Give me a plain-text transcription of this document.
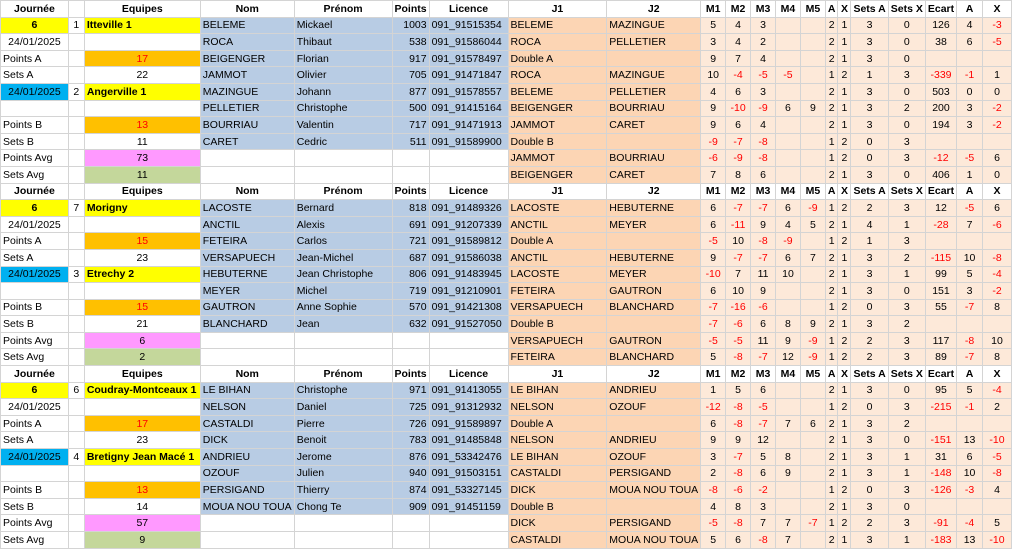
Journée		Equipes	Nom	Prénom	Points	Licence	J1	J2	M1	M2	M3	M4	M5	A	X	Sets A	Sets X	Ecart	A	X
6	1	Itteville 1	BELEME	Mickael	1003	091_91515354	BELEME	MAZINGUE	5	4	3			2	1	3	0	126	4	-3
24/01/2025			ROCA	Thibaut	538	091_91586044	ROCA	PELLETIER	3	4	2			2	1	3	0	38	6	-5
Points A		17	BEIGENGER	Florian	917	091_91578497	Double A		9	7	4			2	1	3	0			
Sets A		22	JAMMOT	Olivier	705	091_91471847	ROCA	MAZINGUE	10	-4	-5	-5		1	2	1	3	-339	-1	1
24/01/2025	2	Angerville 1	MAZINGUE	Johann	877	091_91578557	BELEME	PELLETIER	4	6	3			2	1	3	0	503	0	0
			PELLETIER	Christophe	500	091_91415164	BEIGENGER	BOURRIAU	9	-10	-9	6	9	2	1	3	2	200	3	-2
Points B		13	BOURRIAU	Valentin	717	091_91471913	JAMMOT	CARET	9	6	4			2	1	3	0	194	3	-2
Sets B		11	CARET	Cedric	511	091_91589900	Double B		-9	-7	-8			1	2	0	3			
Points Avg		73					JAMMOT	BOURRIAU	-6	-9	-8			1	2	0	3	-12	-5	6
Sets Avg		11					BEIGENGER	CARET	7	8	6			2	1	3	0	406	1	0
Journée		Equipes	Nom	Prénom	Points	Licence	J1	J2	M1	M2	M3	M4	M5	A	X	Sets A	Sets X	Ecart	A	X
6	7	Morigny	LACOSTE	Bernard	818	091_91489326	LACOSTE	HEBUTERNE	6	-7	-7	6	-9	1	2	2	3	12	-5	6
24/01/2025			ANCTIL	Alexis	691	091_91207339	ANCTIL	MEYER	6	-11	9	4	5	2	1	4	1	-28	7	-6
Points A		15	FETEIRA	Carlos	721	091_91589812	Double A		-5	10	-8	-9		1	2	1	3			
Sets A		23	VERSAPUECH	Jean-Michel	687	091_91586038	ANCTIL	HEBUTERNE	9	-7	-7	6	7	2	1	3	2	-115	10	-8
24/01/2025	3	Etrechy 2	HEBUTERNE	Jean Christophe	806	091_91483945	LACOSTE	MEYER	-10	7	11	10		2	1	3	1	99	5	-4
			MEYER	Michel	719	091_91210901	FETEIRA	GAUTRON	6	10	9			2	1	3	0	151	3	-2
Points B		15	GAUTRON	Anne Sophie	570	091_91421308	VERSAPUECH	BLANCHARD	-7	-16	-6			1	2	0	3	55	-7	8
Sets B		21	BLANCHARD	Jean	632	091_91527050	Double B		-7	-6	6	8	9	2	1	3	2			
Points Avg		6					VERSAPUECH	GAUTRON	-5	-5	11	9	-9	1	2	2	3	117	-8	10
Sets Avg		2					FETEIRA	BLANCHARD	5	-8	-7	12	-9	1	2	2	3	89	-7	8
Journée		Equipes	Nom	Prénom	Points	Licence	J1	J2	M1	M2	M3	M4	M5	A	X	Sets A	Sets X	Ecart	A	X
6	6	Coudray-Montceaux 1	LE BIHAN	Christophe	971	091_91413055	LE BIHAN	ANDRIEU	1	5	6			2	1	3	0	95	5	-4
24/01/2025			NELSON	Daniel	725	091_91312932	NELSON	OZOUF	-12	-8	-5			1	2	0	3	-215	-1	2
Points A		17	CASTALDI	Pierre	726	091_91589897	Double A		6	-8	-7	7	6	2	1	3	2			
Sets A		23	DICK	Benoit	783	091_91485848	NELSON	ANDRIEU	9	9	12			2	1	3	0	-151	13	-10
24/01/2025	4	Bretigny Jean Macé 1	ANDRIEU	Jerome	876	091_53342476	LE BIHAN	OZOUF	3	-7	5	8		2	1	3	1	31	6	-5
			OZOUF	Julien	940	091_91503151	CASTALDI	PERSIGAND	2	-8	6	9		2	1	3	1	-148	10	-8
Points B		13	PERSIGAND	Thierry	874	091_53327145	DICK	MOUA NOU TOUA	-8	-6	-2			1	2	0	3	-126	-3	4
Sets B		14	MOUA NOU TOUA	Chong Te	909	091_91451159	Double B		4	8	3			2	1	3	0			
Points Avg		57					DICK	PERSIGAND	-5	-8	7	7	-7	1	2	2	3	-91	-4	5
Sets Avg		9					CASTALDI	MOUA NOU TOUA	5	6	-8	7		2	1	3	1	-183	13	-10
